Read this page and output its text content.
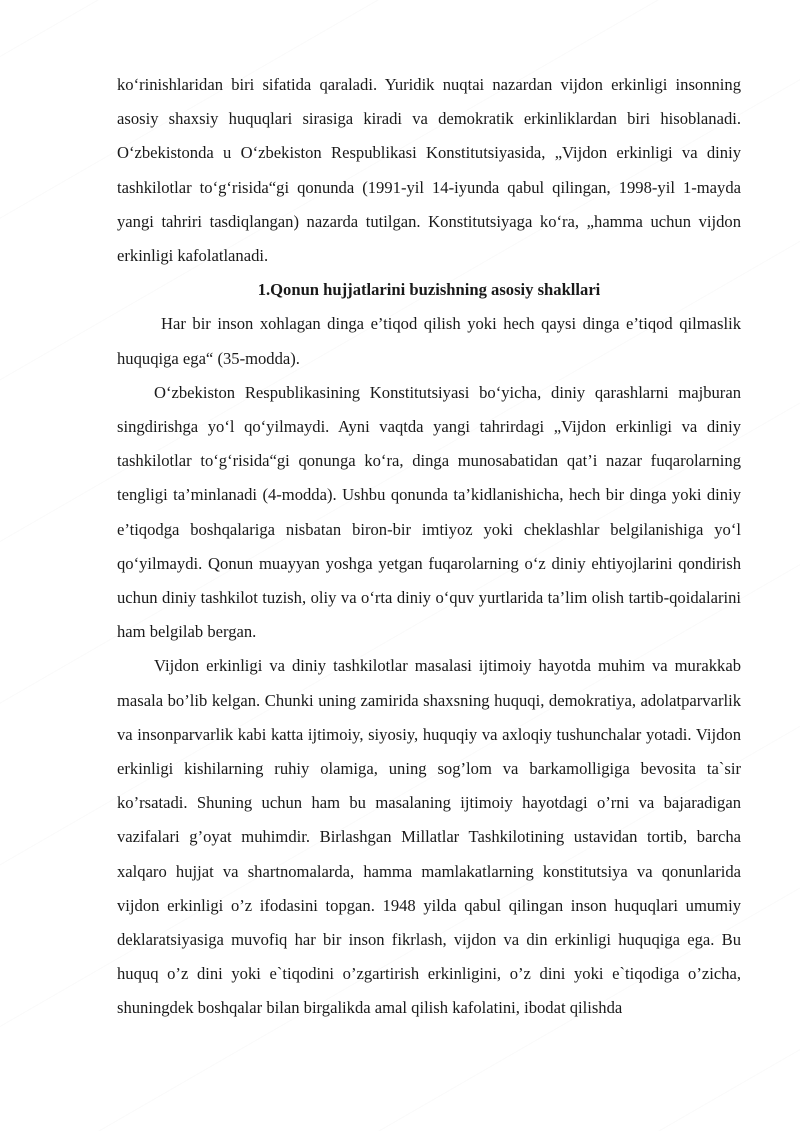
ko‘rinishlaridan biri sifatida qaraladi. Yuridik nuqtai nazardan vijdon erkinligi insonning asosiy shaxsiy huquqlari sirasiga kiradi va demokratik erkinliklardan biri hisoblanadi. O‘zbekistonda u O‘zbekiston Respublikasi Konstitutsiyasida, „Vijdon erkinligi va diniy tashkilotlar to‘g‘risida“gi qonunda (1991-yil 14-iyunda qabul qilingan, 1998-yil 1-mayda yangi tahriri tasdiqlangan) nazarda tutilgan. Konstitutsiyaga ko‘ra, „hamma uchun vijdon erkinligi kafolatlanadi.

1.Qonun hujjatlarini buzishning asosiy shakllari

Har bir inson xohlagan dinga e’tiqod qilish yoki hech qaysi dinga e’tiqod qilmaslik huquqiga ega“ (35-modda).

O‘zbekiston Respublikasining Konstitutsiyasi bo‘yicha, diniy qarashlarni majburan singdirishga yo‘l qo‘yilmaydi. Ayni vaqtda yangi tahrirdagi „Vijdon erkinligi va diniy tashkilotlar to‘g‘risida“gi qonunga ko‘ra, dinga munosabatidan qat’i nazar fuqarolarning tengligi ta’minlanadi (4-modda). Ushbu qonunda ta’kidlanishicha, hech bir dinga yoki diniy e’tiqodga boshqalariga nisbatan biron-bir imtiyoz yoki cheklashlar belgilanishiga yo‘l qo‘yilmaydi. Qonun muayyan yoshga yetgan fuqarolarning o‘z diniy ehtiyojlarini qondirish uchun diniy tashkilot tuzish, oliy va o‘rta diniy o‘quv yurtlarida ta’lim olish tartib-qoidalarini ham belgilab bergan.

Vijdon erkinligi va diniy tashkilotlar masalasi ijtimoiy hayotda muhim va murakkab masala bo’lib kelgan. Chunki uning zamirida shaxsning huquqi, demokratiya, adolatparvarlik va insonparvarlik kabi katta ijtimoiy, siyosiy, huquqiy va axloqiy tushunchalar yotadi. Vijdon erkinligi kishilarning ruhiy olamiga, uning sog’lom va barkamolligiga bevosita ta`sir ko’rsatadi. Shuning uchun ham bu masalaning ijtimoiy hayotdagi o’rni va bajaradigan vazifalari g’oyat muhimdir. Birlashgan Millatlar Tashkilotining ustavidan tortib, barcha xalqaro hujjat va shartnomalarda, hamma mamlakatlarning konstitutsiya va qonunlarida vijdon erkinligi o’z ifodasini topgan. 1948 yilda qabul qilingan inson huquqlari umumiy deklaratsiyasiga muvofiq har bir inson fikrlash, vijdon va din erkinligi huquqiga ega. Bu huquq o’z dini yoki e`tiqodini o’zgartirish erkinligini, o’z dini yoki e`tiqodiga o’zicha, shuningdek boshqalar bilan birgalikda amal qilish kafolatini, ibodat qilishda
